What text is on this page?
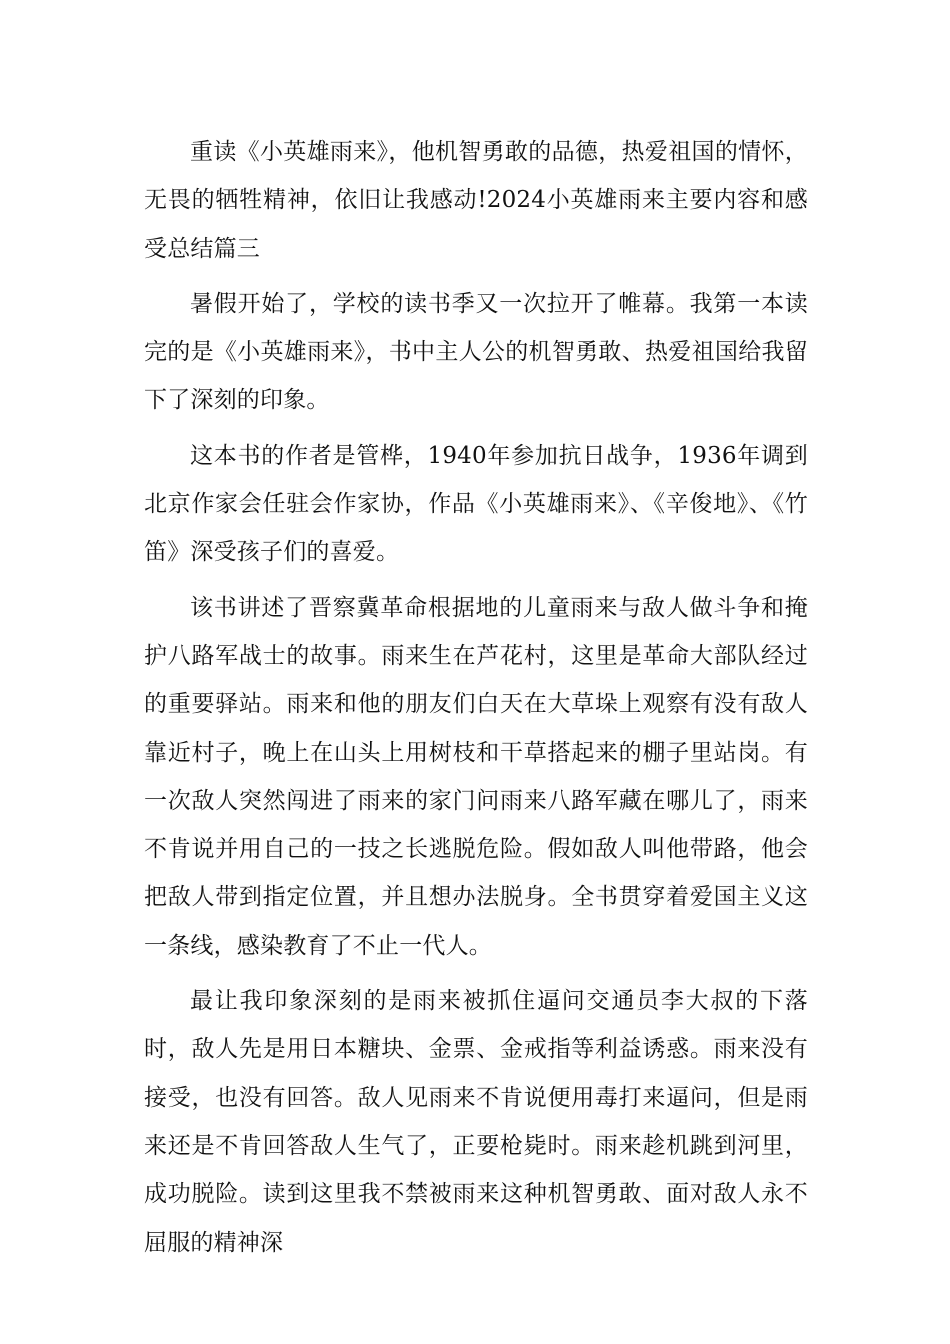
重读《小英雄雨来》，他机智勇敢的品德，热爱祖国的情怀，无畏的牺牲精神，依旧让我感动!2024小英雄雨来主要内容和感受总结篇三

暑假开始了，学校的读书季又一次拉开了帷幕。我第一本读完的是《小英雄雨来》，书中主人公的机智勇敢、热爱祖国给我留下了深刻的印象。

这本书的作者是管桦，1940年参加抗日战争，1936年调到北京作家会任驻会作家协，作品《小英雄雨来》、《辛俊地》、《竹笛》深受孩子们的喜爱。

该书讲述了晋察冀革命根据地的儿童雨来与敌人做斗争和掩护八路军战士的故事。雨来生在芦花村，这里是革命大部队经过的重要驿站。雨来和他的朋友们白天在大草垛上观察有没有敌人靠近村子，晚上在山头上用树枝和干草搭起来的棚子里站岗。有一次敌人突然闯进了雨来的家门问雨来八路军藏在哪儿了，雨来不肯说并用自己的一技之长逃脱危险。假如敌人叫他带路，他会把敌人带到指定位置，并且想办法脱身。全书贯穿着爱国主义这一条线，感染教育了不止一代人。

最让我印象深刻的是雨来被抓住逼问交通员李大叔的下落时，敌人先是用日本糖块、金票、金戒指等利益诱惑。雨来没有接受，也没有回答。敌人见雨来不肯说便用毒打来逼问，但是雨来还是不肯回答敌人生气了，正要枪毙时。雨来趁机跳到河里，成功脱险。读到这里我不禁被雨来这种机智勇敢、面对敌人永不屈服的精神深
